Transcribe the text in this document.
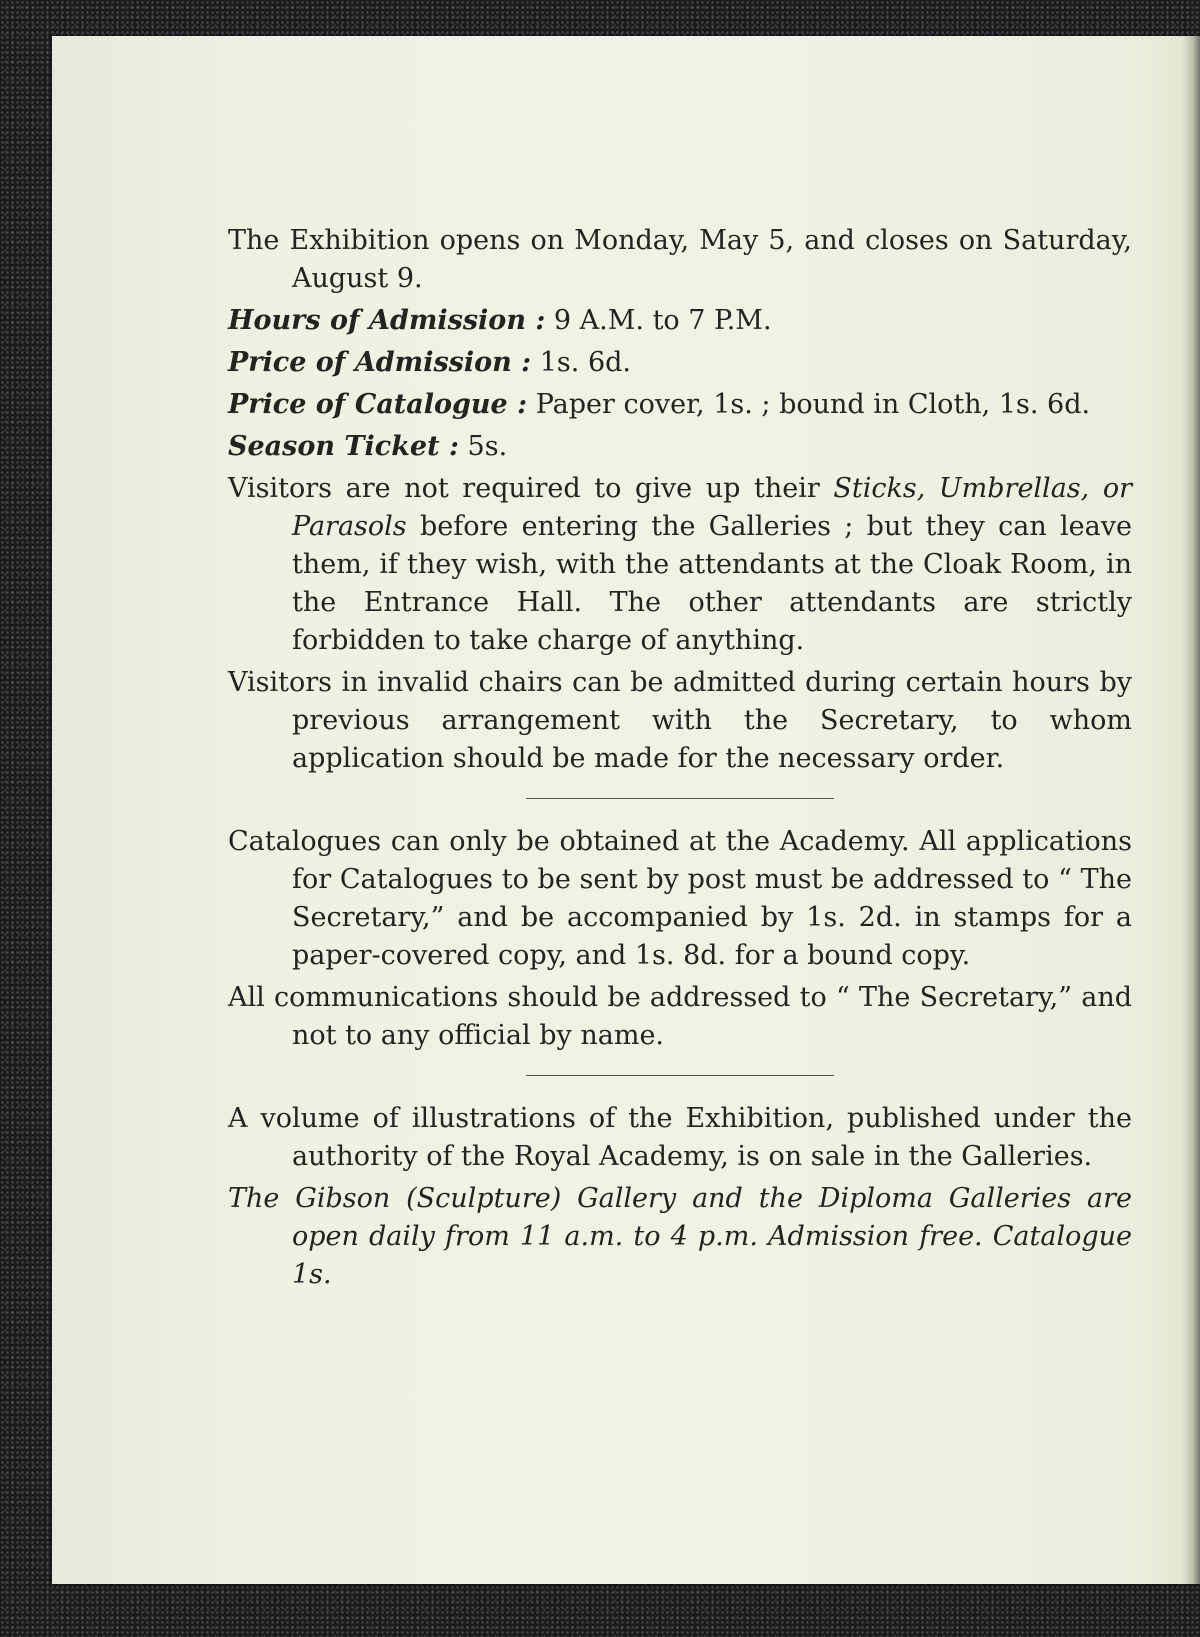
The Exhibition opens on Monday, May 5, and closes on Saturday, August 9.

Hours of Admission : 9 A.M. to 7 P.M.

Price of Admission : 1s. 6d.

Price of Catalogue : Paper cover, 1s. ; bound in Cloth, 1s. 6d.

Season Ticket : 5s.

Visitors are not required to give up their Sticks, Umbrellas, or Parasols before entering the Galleries ; but they can leave them, if they wish, with the attendants at the Cloak Room, in the Entrance Hall. The other attendants are strictly forbidden to take charge of anything.

Visitors in invalid chairs can be admitted during certain hours by previous arrangement with the Secretary, to whom application should be made for the necessary order.

Catalogues can only be obtained at the Academy. All applications for Catalogues to be sent by post must be addressed to “ The Secretary,” and be accompanied by 1s. 2d. in stamps for a paper-covered copy, and 1s. 8d. for a bound copy.

All communications should be addressed to “ The Secretary,” and not to any official by name.

A volume of illustrations of the Exhibition, published under the authority of the Royal Academy, is on sale in the Galleries.

The Gibson (Sculpture) Gallery and the Diploma Galleries are open daily from 11 a.m. to 4 p.m. Admission free. Catalogue 1s.
